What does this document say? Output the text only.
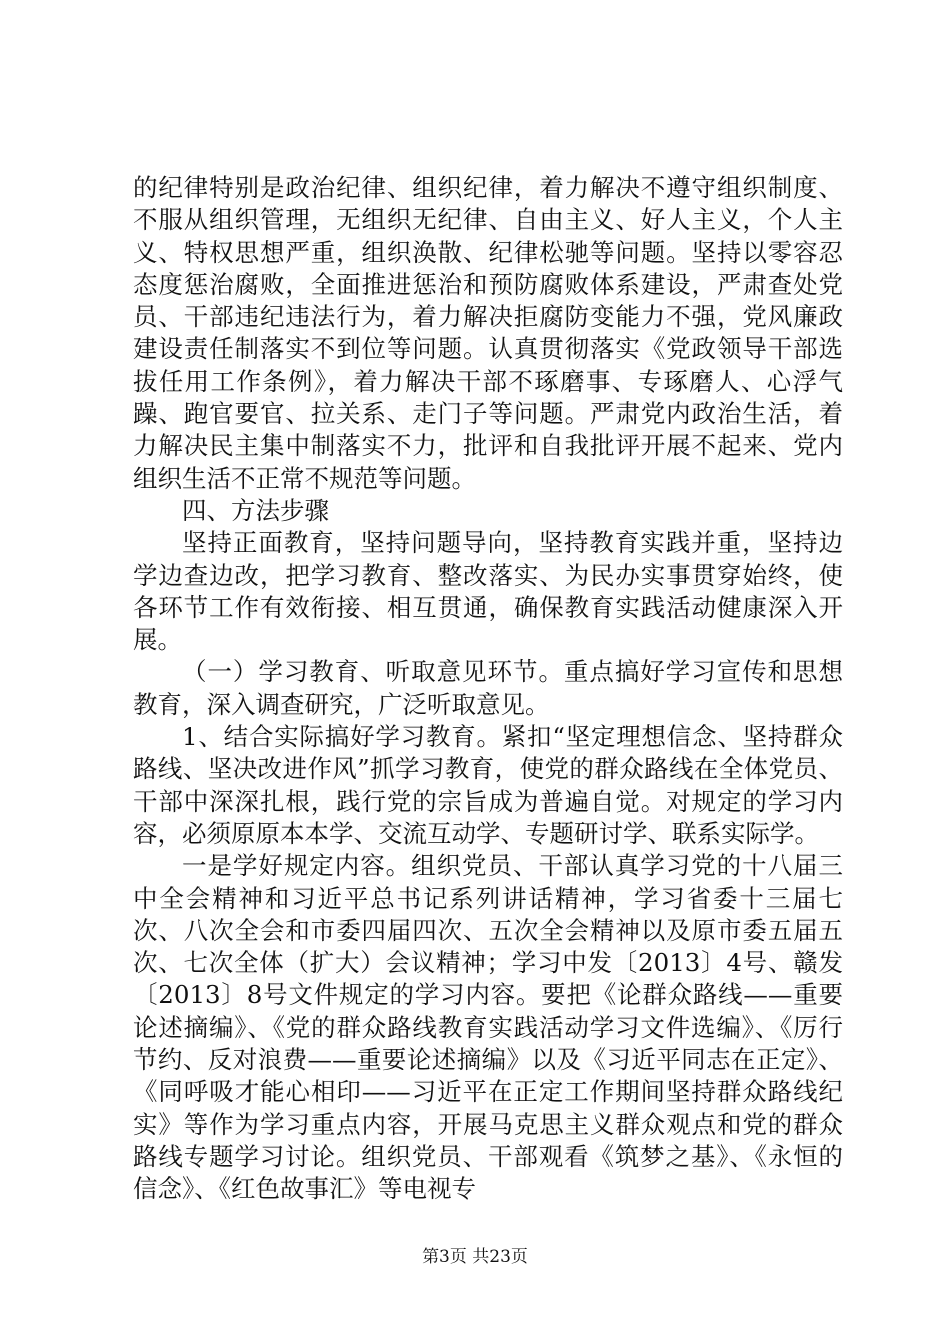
的纪律特别是政治纪律、组织纪律，着力解决不遵守组织制度、不服从组织管理，无组织无纪律、自由主义、好人主义，个人主义、特权思想严重，组织涣散、纪律松驰等问题。坚持以零容忍态度惩治腐败，全面推进惩治和预防腐败体系建设，严肃查处党员、干部违纪违法行为，着力解决拒腐防变能力不强，党风廉政建设责任制落实不到位等问题。认真贯彻落实《党政领导干部选拔任用工作条例》，着力解决干部不琢磨事、专琢磨人、心浮气躁、跑官要官、拉关系、走门子等问题。严肃党内政治生活，着力解决民主集中制落实不力，批评和自我批评开展不起来、党内组织生活不正常不规范等问题。

四、方法步骤

坚持正面教育，坚持问题导向，坚持教育实践并重，坚持边学边查边改，把学习教育、整改落实、为民办实事贯穿始终，使各环节工作有效衔接、相互贯通，确保教育实践活动健康深入开展。

（一）学习教育、听取意见环节。重点搞好学习宣传和思想教育，深入调查研究，广泛听取意见。

1、结合实际搞好学习教育。紧扣“坚定理想信念、坚持群众路线、坚决改进作风”抓学习教育，使党的群众路线在全体党员、干部中深深扎根，践行党的宗旨成为普遍自觉。对规定的学习内容，必须原原本本学、交流互动学、专题研讨学、联系实际学。

一是学好规定内容。组织党员、干部认真学习党的十八届三中全会精神和习近平总书记系列讲话精神，学习省委十三届七次、八次全会和市委四届四次、五次全会精神以及原市委五届五次、七次全体（扩大）会议精神；学习中发〔2013〕4号、赣发〔2013〕8号文件规定的学习内容。要把《论群众路线——重要论述摘编》、《党的群众路线教育实践活动学习文件选编》、《厉行节约、反对浪费——重要论述摘编》以及《习近平同志在正定》、《同呼吸才能心相印——习近平在正定工作期间坚持群众路线纪实》等作为学习重点内容，开展马克思主义群众观点和党的群众路线专题学习讨论。组织党员、干部观看《筑梦之基》、《永恒的信念》、《红色故事汇》等电视专

第3页 共23页
